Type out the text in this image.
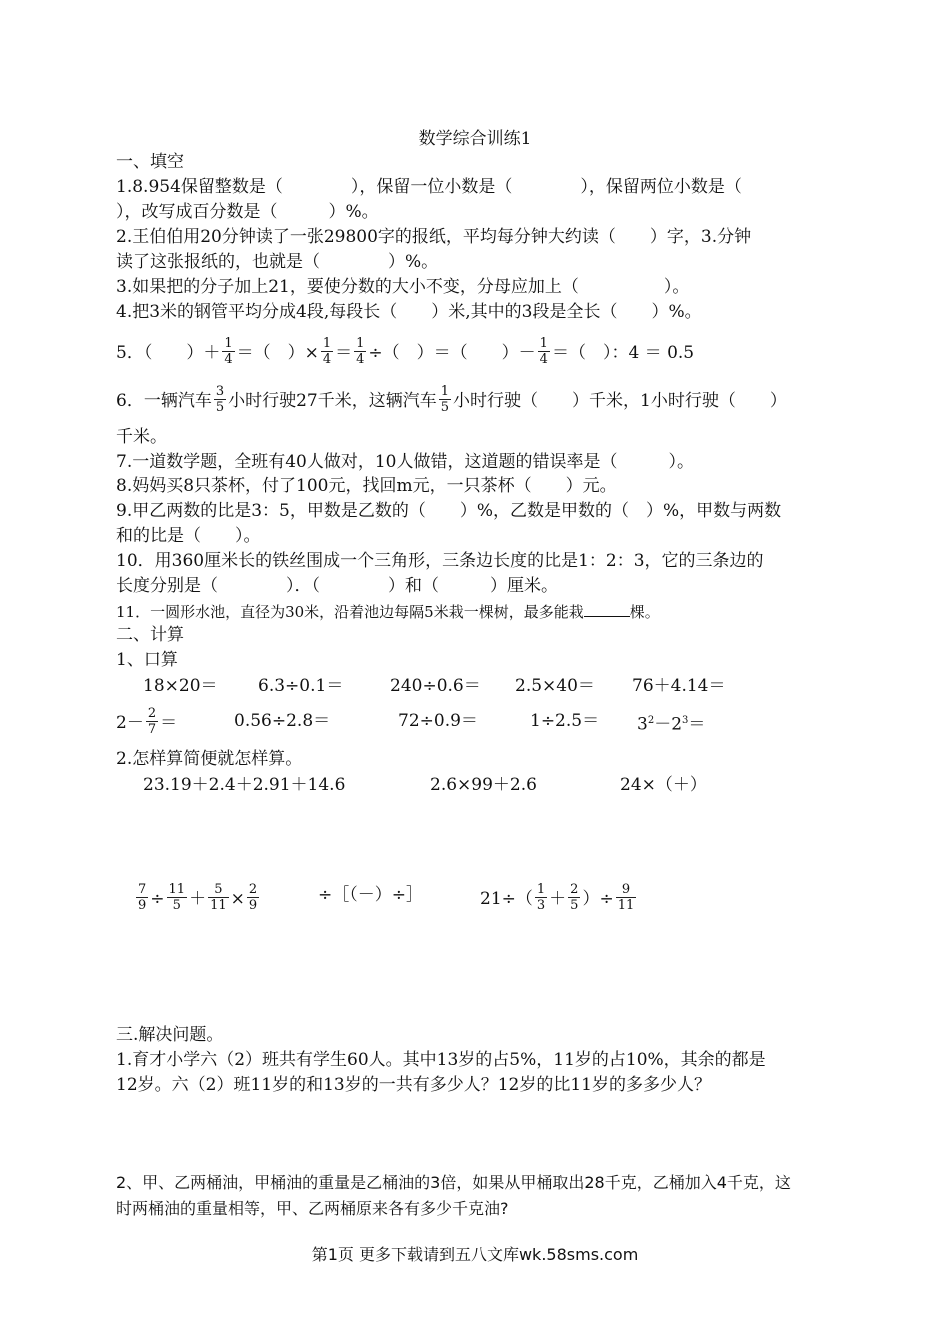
数学综合训练1
一、填空
1.8.954保留整数是（　　　　），保留一位小数是（　　　　），保留两位小数是（
），改写成百分数是（　　　）%。
2.王伯伯用20分钟读了一张29800字的报纸，平均每分钟大约读（　　）字，3.分钟
读了这张报纸的，也就是（　　　　）%。
3.如果把的分子加上21，要使分数的大小不变，分母应加上（　　　　　）。
4.把3米的钢管平均分成4段,每段长（　　）米,其中的3段是全长（　　）%。
5．（　　）＋ $\frac{1}{4}$ ＝（　）× $\frac{1}{4} = \frac{1}{4}$ ÷（　）＝（　　）－ $\frac{1}{4}$ ＝（　）：4 ＝ 0.5
6．一辆汽车 $\frac{3}{5}$ 小时行驶27千米，这辆汽车 $\frac{1}{5}$ 小时行驶（　　）千米，1小时行驶（　　）
千米。
7.一道数学题，全班有40人做对，10人做错，这道题的错误率是（　　　）。
8.妈妈买8只茶杯，付了100元，找回m元，一只茶杯（　　）元。
9.甲乙两数的比是3：5，甲数是乙数的（　　）%，乙数是甲数的（　）%，甲数与两数
和的比是（　　）。
10．用360厘米长的铁丝围成一个三角形，三条边长度的比是1：2：3，它的三条边的
长度分别是（　　　　）．（　　　　）和（　　　）厘米。
11．一圆形水池，直径为30米，沿着池边每隔5米栽一棵树，最多能栽	棵。
二、计算
1、口算
18×20＝ 6.3÷0.1＝	240÷0.6＝ 2.5×40＝ 76＋4.14＝
$2- \frac{2}{7}$ ＝	0.56÷2.8＝	72÷0.9＝	$1\div 2.5= 3^2-2^3=$
2.怎样算简便就怎样算。
23.19＋2.4＋2.91＋14.6	2.6×99＋2.6	24×（＋）
$\frac{7}{9} \div \frac{11}{5} + \frac{5}{11} \times \frac{2}{9}$	÷［（－）÷］	$21\div( \frac{1}{3} + \frac{2}{5}$ ）÷ $\frac{9}{11}$
三.解决问题。
1.育才小学六（2）班共有学生60人。其中13岁的占5%，11岁的占10%，其余的都是
12岁。六（2）班11岁的和13岁的一共有多少人？12岁的比11岁的多多少人？
2、甲、乙两桶油，甲桶油的重量是乙桶油的3倍，如果从甲桶取出28千克，乙桶加入4千克，这
时两桶油的重量相等，甲、乙两桶原来各有多少千克油?
第1页 更多下载请到五八文库wk.58sms.com
